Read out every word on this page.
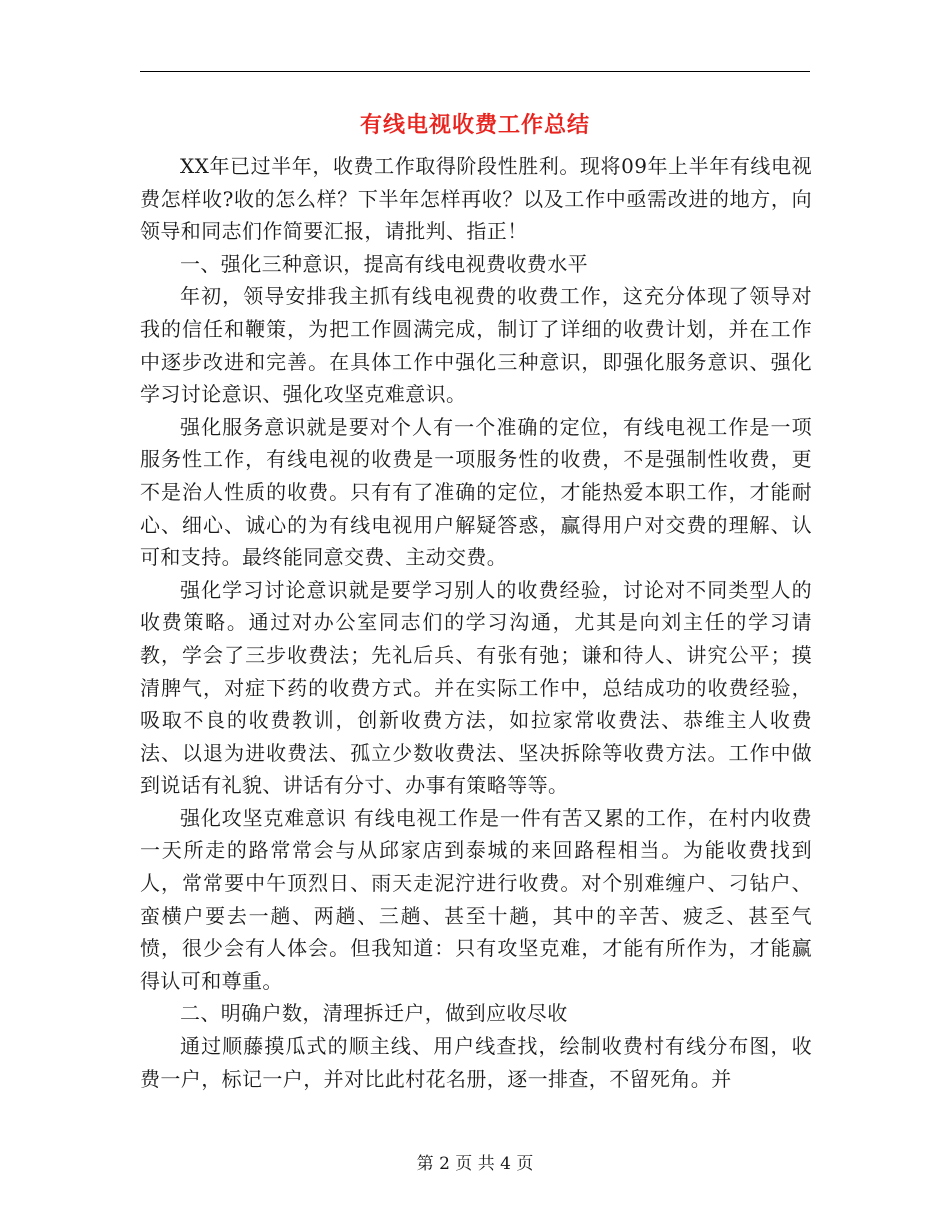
有线电视收费工作总结

XX年已过半年，收费工作取得阶段性胜利。现将09年上半年有线电视费怎样收?收的怎么样？下半年怎样再收？以及工作中亟需改进的地方，向领导和同志们作简要汇报，请批判、指正！

一、强化三种意识，提高有线电视费收费水平

年初，领导安排我主抓有线电视费的收费工作，这充分体现了领导对我的信任和鞭策，为把工作圆满完成，制订了详细的收费计划，并在工作中逐步改进和完善。在具体工作中强化三种意识，即强化服务意识、强化学习讨论意识、强化攻坚克难意识。

强化服务意识就是要对个人有一个准确的定位，有线电视工作是一项服务性工作，有线电视的收费是一项服务性的收费，不是强制性收费，更不是治人性质的收费。只有有了准确的定位，才能热爱本职工作，才能耐心、细心、诚心的为有线电视用户解疑答惑，赢得用户对交费的理解、认可和支持。最终能同意交费、主动交费。

强化学习讨论意识就是要学习别人的收费经验，讨论对不同类型人的收费策略。通过对办公室同志们的学习沟通，尤其是向刘主任的学习请教，学会了三步收费法；先礼后兵、有张有弛；谦和待人、讲究公平；摸清脾气，对症下药的收费方式。并在实际工作中，总结成功的收费经验，吸取不良的收费教训，创新收费方法，如拉家常收费法、恭维主人收费法、以退为进收费法、孤立少数收费法、坚决拆除等收费方法。工作中做到说话有礼貌、讲话有分寸、办事有策略等等。

强化攻坚克难意识 有线电视工作是一件有苦又累的工作，在村内收费一天所走的路常常会与从邱家店到泰城的来回路程相当。为能收费找到人，常常要中午顶烈日、雨天走泥泞进行收费。对个别难缠户、刁钻户、蛮横户要去一趟、两趟、三趟、甚至十趟，其中的辛苦、疲乏、甚至气愤，很少会有人体会。但我知道：只有攻坚克难，才能有所作为，才能赢得认可和尊重。

二、明确户数，清理拆迁户，做到应收尽收

通过顺藤摸瓜式的顺主线、用户线查找，绘制收费村有线分布图，收费一户，标记一户，并对比此村花名册，逐一排查，不留死角。并

第 2 页 共 4 页
